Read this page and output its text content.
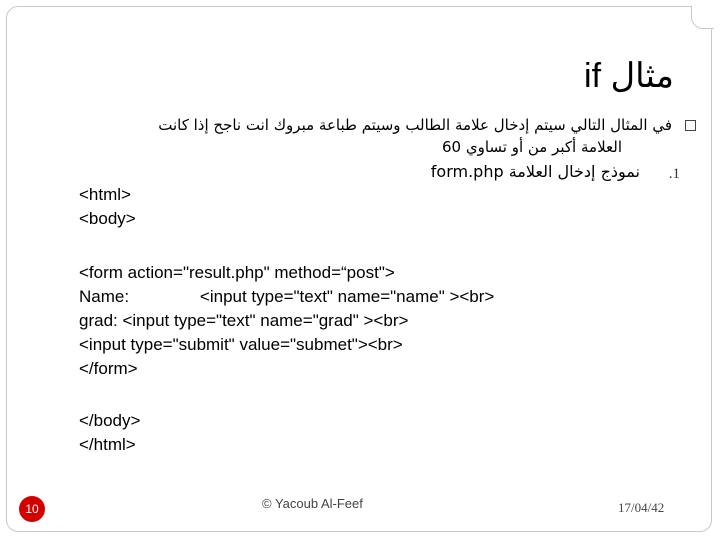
مثال if
في المثال التالي سيتم إدخال علامة الطالب وسيتم طباعة مبروك انت ناجح إذا كانت
العلامة أكبر من أو تساوي 60
.1
نموذج إدخال العلامة form.php
<html>
<body>
<form action="result.php" method=“post">
Name:               <input type="text" name="name" ><br>
grad: <input type="text" name="grad" ><br>
<input type="submit" value="submet"><br>
</form>
</body>
</html>
10	© Yacoub Al-Feef	17/04/42
